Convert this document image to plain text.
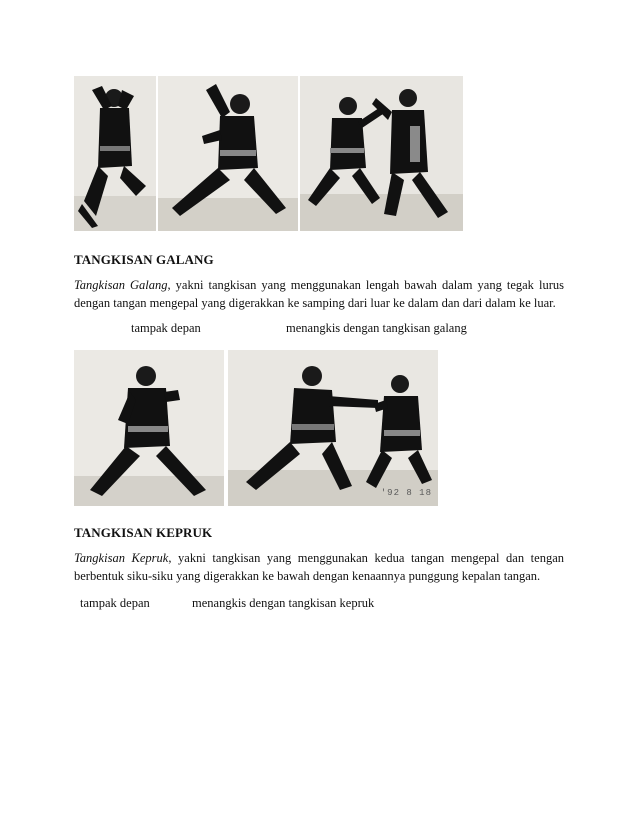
TANGKISAN GALANG
Tangkisan Galang, yakni tangkisan yang menggunakan lengah bawah dalam yang tegak lurus dengan tangan mengepal yang digerakkan ke samping dari luar ke dalam dan dari dalam ke luar.
tampak depan	menangkis dengan tangkisan galang
'92 8 18
TANGKISAN KEPRUK
Tangkisan Kepruk, yakni tangkisan yang menggunakan kedua tangan mengepal dan tengan berbentuk siku-siku yang digerakkan ke bawah dengan kenaannya punggung kepalan tangan.
tampak depan	menangkis dengan tangkisan kepruk
